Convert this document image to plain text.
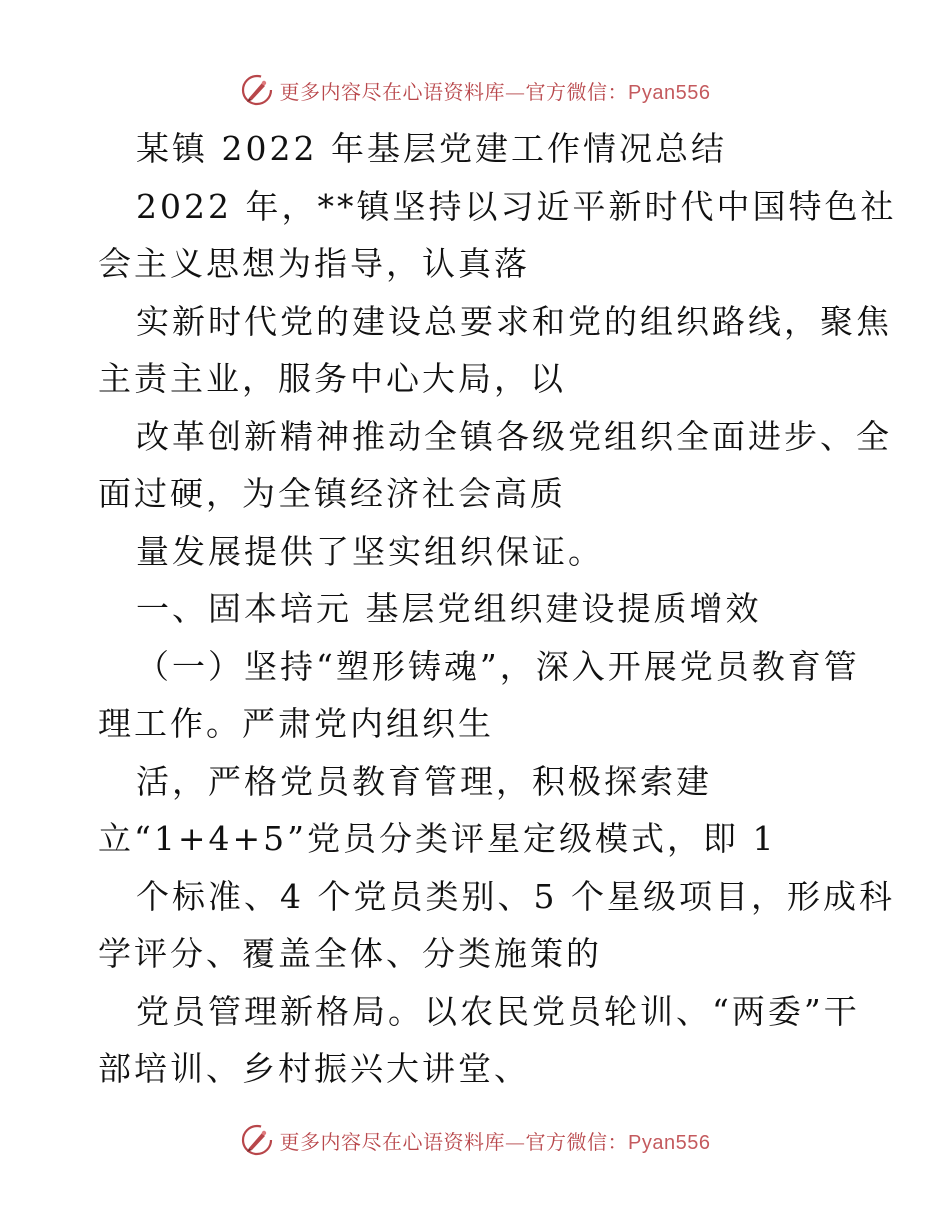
更多内容尽在心语资料库—官方微信：Pyan556
某镇 2022 年基层党建工作情况总结
2022 年，**镇坚持以习近平新时代中国特色社
会主义思想为指导，认真落
实新时代党的建设总要求和党的组织路线，聚焦
主责主业，服务中心大局，以
改革创新精神推动全镇各级党组织全面进步、全
面过硬，为全镇经济社会高质
量发展提供了坚实组织保证。
一、固本培元 基层党组织建设提质增效
（一）坚持“塑形铸魂”，深入开展党员教育管
理工作。严肃党内组织生
活，严格党员教育管理，积极探索建
立“1+4+5”党员分类评星定级模式，即 1
个标准、4 个党员类别、5 个星级项目，形成科
学评分、覆盖全体、分类施策的
党员管理新格局。以农民党员轮训、“两委”干
部培训、乡村振兴大讲堂、
更多内容尽在心语资料库—官方微信：Pyan556
